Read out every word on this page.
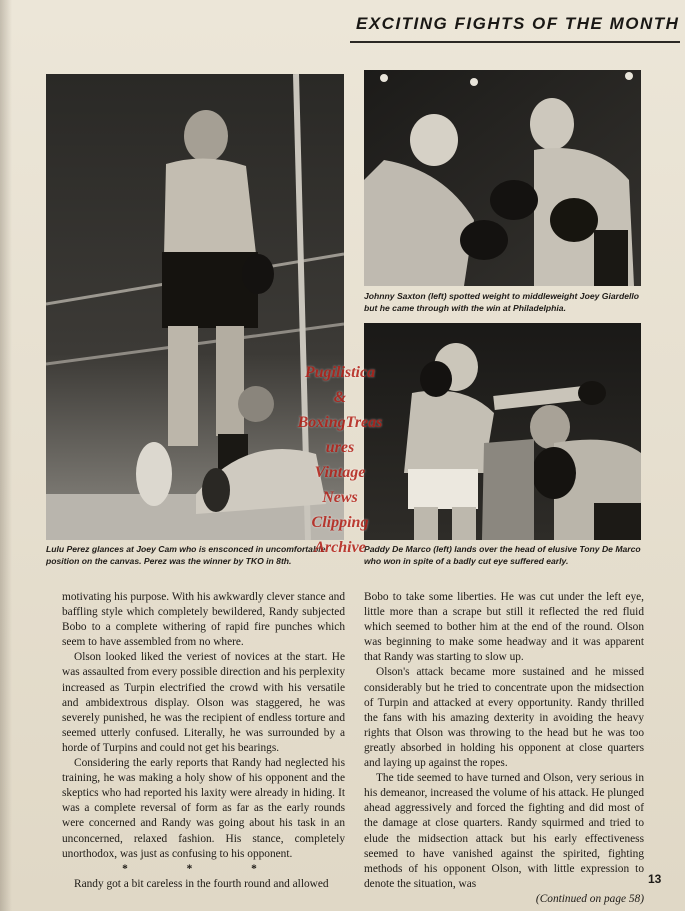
EXCITING FIGHTS OF THE MONTH
Lulu Perez glances at Joey Cam who is ensconced in uncomfortable position on the canvas. Perez was the winner by TKO in 8th.
Johnny Saxton (left) spotted weight to middleweight Joey Giardello but he came through with the win at Philadelphia.
Paddy De Marco (left) lands over the head of elusive Tony De Marco who won in spite of a badly cut eye suffered early.
Pugilistica
&
BoxingTreas
ures
Vintage
News
Clipping
Archive

motivating his purpose. With his awkwardly clever stance and baffling style which completely bewildered, Randy subjected Bobo to a complete withering of rapid fire punches which seem to have assembled from no where.

Olson looked liked the veriest of novices at the start. He was assaulted from every possible direction and his perplexity increased as Turpin electrified the crowd with his versatile and ambidextrous display. Olson was staggered, he was severely punished, he was the recipient of endless torture and seemed utterly confused. Literally, he was surrounded by a horde of Turpins and could not get his bearings.

Considering the early reports that Randy had neglected his training, he was making a holy show of his opponent and the skeptics who had reported his laxity were already in hiding. It was a complete reversal of form as far as the early rounds were concerned and Randy was going about his task in an unconcerned, relaxed fashion. His stance, completely unorthodox, was just as confusing to his opponent.

* * *

Randy got a bit careless in the fourth round and allowed

Bobo to take some liberties. He was cut under the left eye, little more than a scrape but still it reflected the red fluid which seemed to bother him at the end of the round. Olson was beginning to make some headway and it was apparent that Randy was starting to slow up.

Olson's attack became more sustained and he missed considerably but he tried to concentrate upon the midsection of Turpin and attacked at every opportunity. Randy thrilled the fans with his amazing dexterity in avoiding the heavy rights that Olson was throwing to the head but he was too greatly absorbed in holding his opponent at close quarters and laying up against the ropes.

The tide seemed to have turned and Olson, very serious in his demeanor, increased the volume of his attack. He plunged ahead aggressively and forced the fighting and did most of the damage at close quarters. Randy squirmed and tried to elude the midsection attack but his early effectiveness seemed to have vanished against the spirited, fighting methods of his opponent Olson, with little expression to denote the situation, was

(Continued on page 58)

13
